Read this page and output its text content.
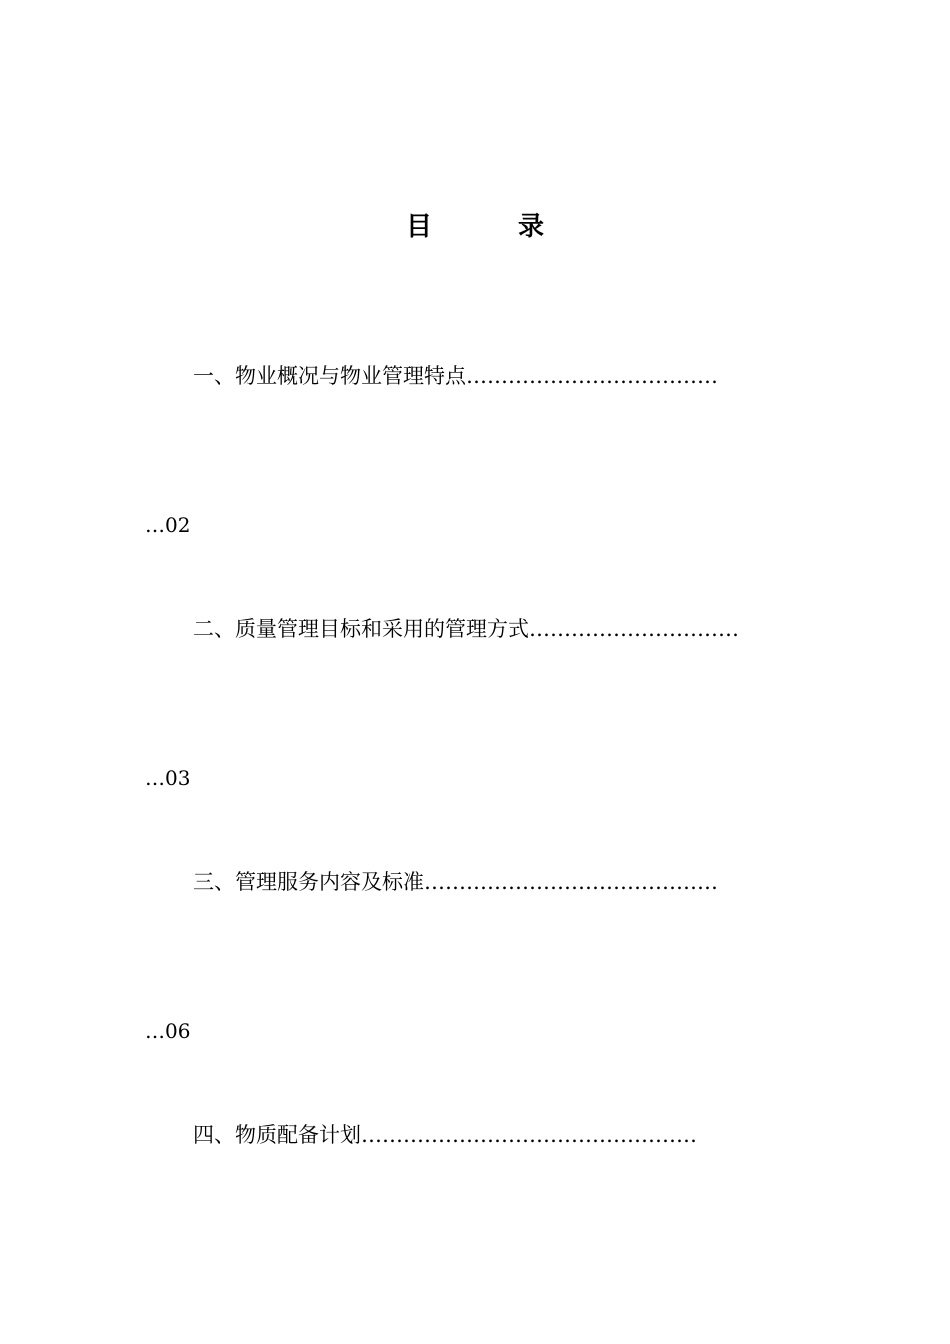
目	录
一、物业概况与物业管理特点………………………………
…02
二、质量管理目标和采用的管理方式…………………………
…03
三、管理服务内容及标准……………………………………
…06
四、物质配备计划…………………………………………
